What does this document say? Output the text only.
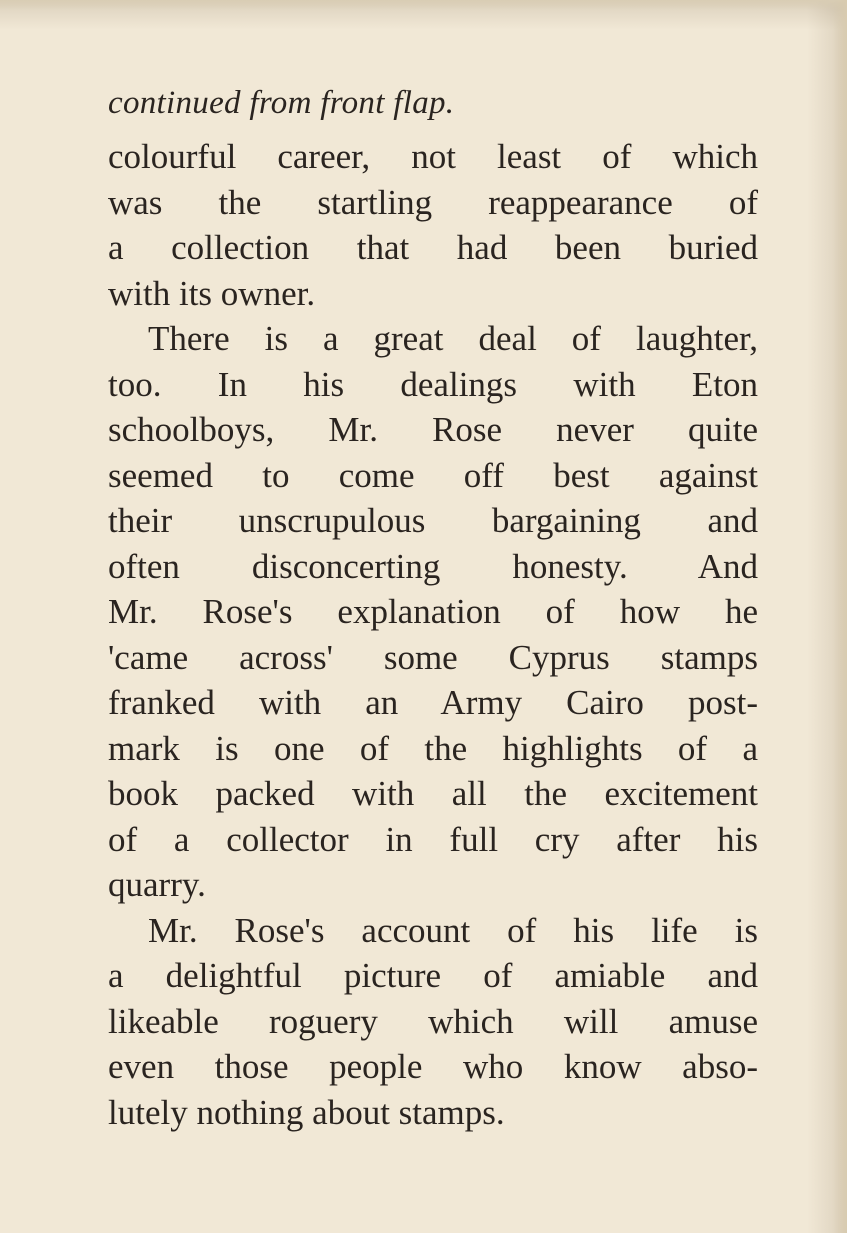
continued from front flap.
colourful career, not least of which
was the startling reappearance of
a collection that had been buried
with its owner.
There is a great deal of laughter,
too. In his dealings with Eton
schoolboys, Mr. Rose never quite
seemed to come off best against
their unscrupulous bargaining and
often disconcerting honesty. And
Mr. Rose's explanation of how he
'came across' some Cyprus stamps
franked with an Army Cairo post-
mark is one of the highlights of a
book packed with all the excitement
of a collector in full cry after his
quarry.
Mr. Rose's account of his life is
a delightful picture of amiable and
likeable roguery which will amuse
even those people who know abso-
lutely nothing about stamps.
